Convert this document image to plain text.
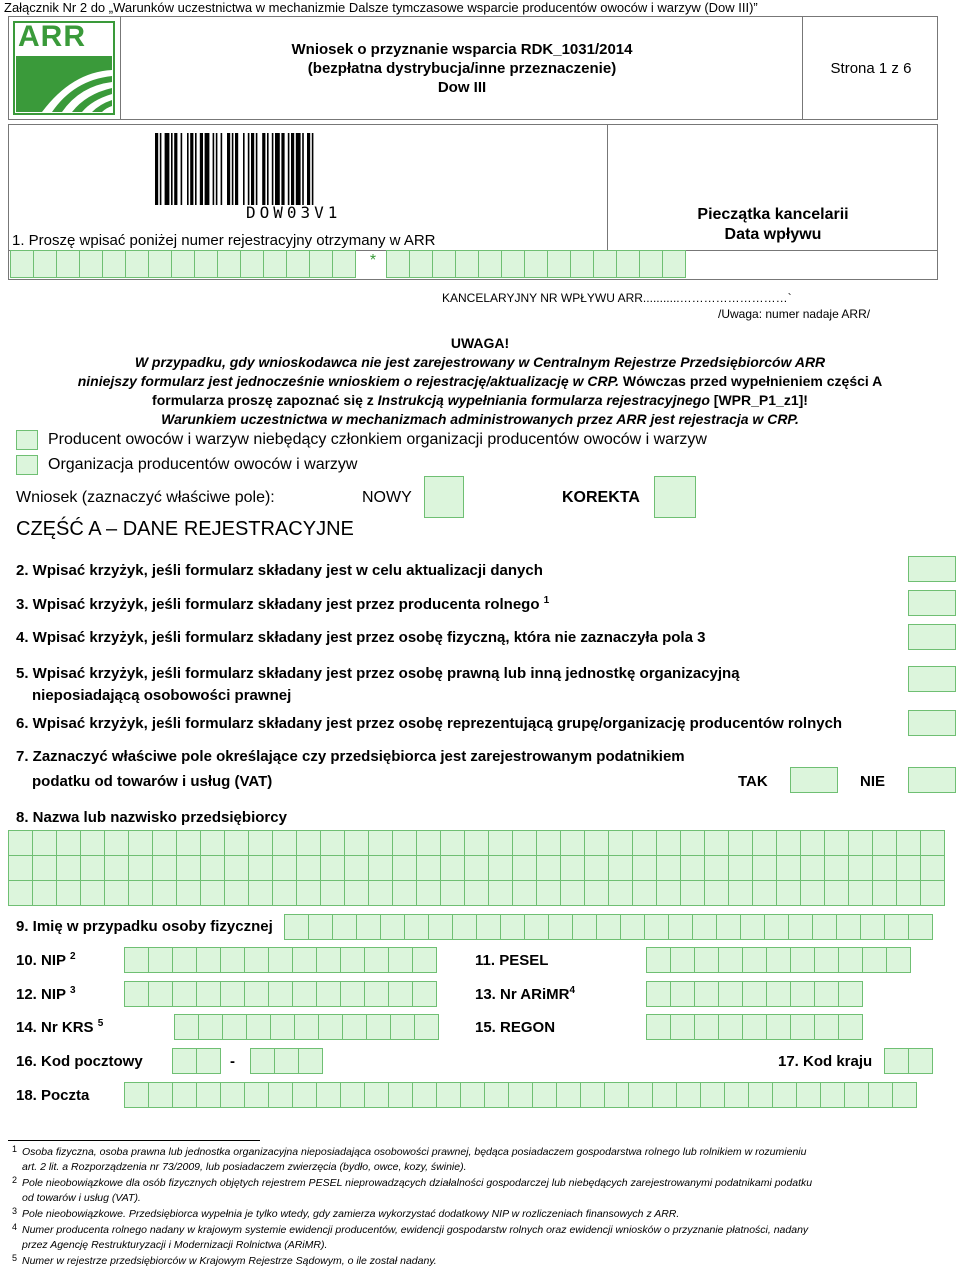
Załącznik Nr 2 do „Warunków uczestnictwa w mechanizmie Dalsze tymczasowe wsparcie producentów owoców i warzyw (Dow III)”
ARR	Wniosek o przyznanie wsparcia RDK_1031/2014
(bezpłatna dystrybucja/inne przeznaczenie)
Dow III
Strona 1 z 6
DOW03V1
1. Proszę wpisać poniżej numer rejestracyjny otrzymany w ARR
Pieczątka kancelarii
Data wpływu
*
KANCELARYJNY NR WPŁYWU ARR...........………………………`
/Uwaga: numer nadaje ARR/
UWAGA!
W przypadku, gdy wnioskodawca nie jest zarejestrowany w Centralnym Rejestrze Przedsiębiorców ARR
niniejszy formularz jest jednocześnie wnioskiem o rejestrację/aktualizację w CRP. Wówczas przed wypełnieniem części A
formularza proszę zapoznać się z Instrukcją wypełniania formularza rejestracyjnego [WPR_P1_z1]!
Warunkiem uczestnictwa w mechanizmach administrowanych przez ARR jest rejestracja w CRP.
Producent owoców i warzyw niebędący członkiem organizacji producentów owoców i warzyw
Organizacja producentów owoców i warzyw
Wniosek (zaznaczyć właściwe pole):	NOWY	KOREKTA
CZĘŚĆ A – DANE REJESTRACYJNE
2. Wpisać krzyżyk, jeśli formularz składany jest w celu aktualizacji danych
3. Wpisać krzyżyk, jeśli formularz składany jest przez producenta rolnego $^1$
4. Wpisać krzyżyk, jeśli formularz składany jest przez osobę fizyczną, która nie zaznaczyła pola 3
5. Wpisać krzyżyk, jeśli formularz składany jest przez osobę prawną lub inną jednostkę organizacyjną
nieposiadającą osobowości prawnej
6. Wpisać krzyżyk, jeśli formularz składany jest przez osobę reprezentującą grupę/organizację producentów rolnych
7. Zaznaczyć właściwe pole określające czy przedsiębiorca jest zarejestrowanym podatnikiem
podatku od towarów i usług (VAT)	TAK	NIE
8. Nazwa lub nazwisko przedsiębiorcy
9. Imię w przypadku osoby fizycznej
10. NIP $^2$	11. PESEL
12. NIP $^3$	13. Nr ARiMR$^4$
14. Nr KRS $^5$	15. REGON
16. Kod pocztowy	-	17. Kod kraju
18. Poczta
1 Osoba fizyczna, osoba prawna lub jednostka organizacyjna nieposiadająca osobowości prawnej, będąca posiadaczem gospodarstwa rolnego lub rolnikiem w rozumieniu
art. 2 lit. a Rozporządzenia nr 73/2009, lub posiadaczem zwierzęcia (bydło, owce, kozy, świnie).
2 Pole nieobowiązkowe dla osób fizycznych objętych rejestrem PESEL nieprowadzących działalności gospodarczej lub niebędących zarejestrowanymi podatnikami podatku
od towarów i usług (VAT).
3 Pole nieobowiązkowe. Przedsiębiorca wypełnia je tylko wtedy, gdy zamierza wykorzystać dodatkowy NIP w rozliczeniach finansowych z ARR.
4 Numer producenta rolnego nadany w krajowym systemie ewidencji producentów, ewidencji gospodarstw rolnych oraz ewidencji wniosków o przyznanie płatności, nadany
przez Agencję Restrukturyzacji i Modernizacji Rolnictwa (ARiMR).
5 Numer w rejestrze przedsiębiorców w Krajowym Rejestrze Sądowym, o ile został nadany.
